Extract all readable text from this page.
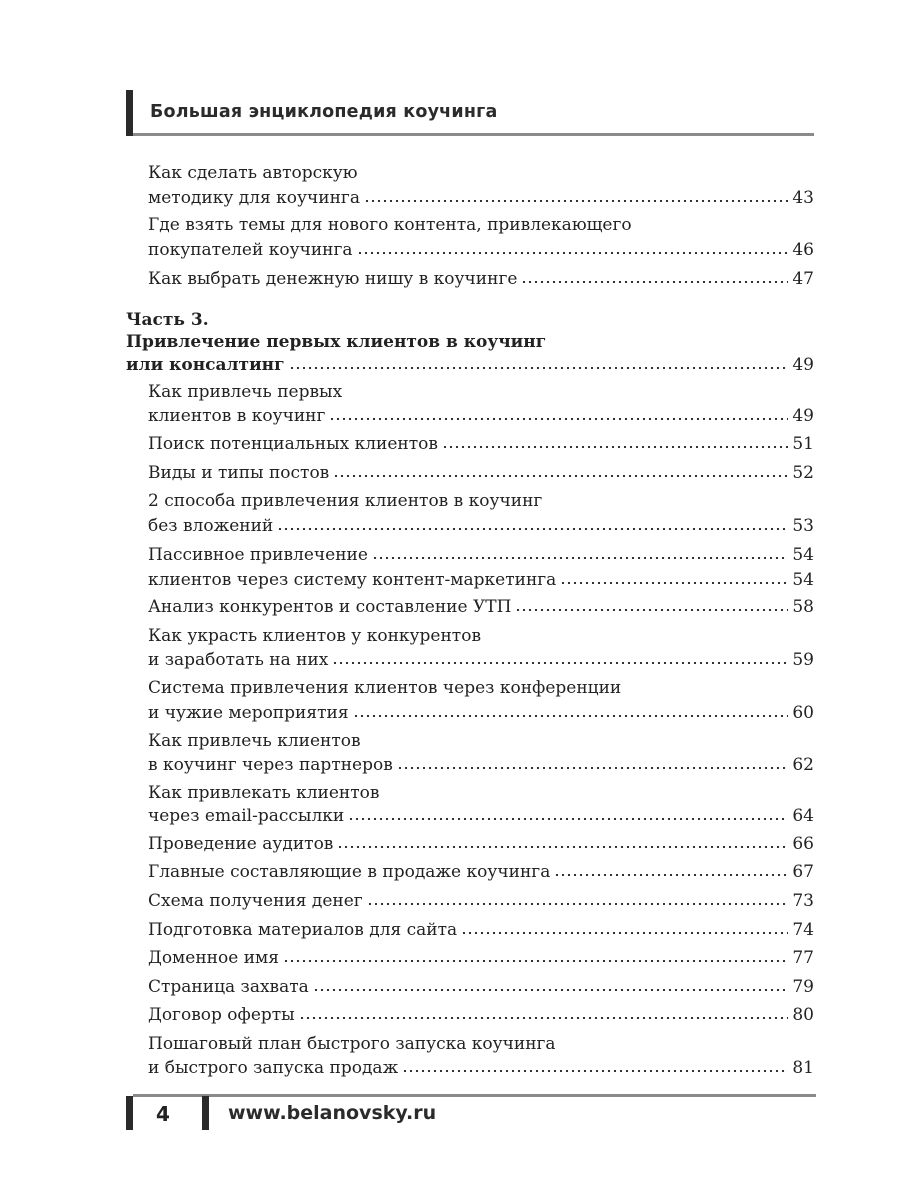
Большая энциклопедия коучинга
Как сделать авторскую
методику для коучинга	43
Где взять темы для нового контента, привлекающего
покупателей коучинга	46
Как выбрать денежную нишу в коучинге	47
Часть 3.
Привлечение первых клиентов в коучинг
или консалтинг	49
Как привлечь первых
клиентов в коучинг	49
Поиск потенциальных клиентов	51
Виды и типы постов	52
2 способа привлечения клиентов в коучинг
без вложений	53
Пассивное привлечение	54
клиентов через систему контент-маркетинга	54
Анализ конкурентов и составление УТП	58
Как украсть клиентов у конкурентов
и заработать на них	59
Система привлечения клиентов через конференции
и чужие мероприятия	60
Как привлечь клиентов
в коучинг через партнеров	62
Как привлекать клиентов
через email-рассылки	64
Проведение аудитов	66
Главные составляющие в продаже коучинга	67
Схема получения денег	73
Подготовка материалов для сайта	74
Доменное имя	77
Страница захвата	79
Договор оферты	80
Пошаговый план быстрого запуска коучинга
и быстрого запуска продаж	81
4	www.belanovsky.ru
